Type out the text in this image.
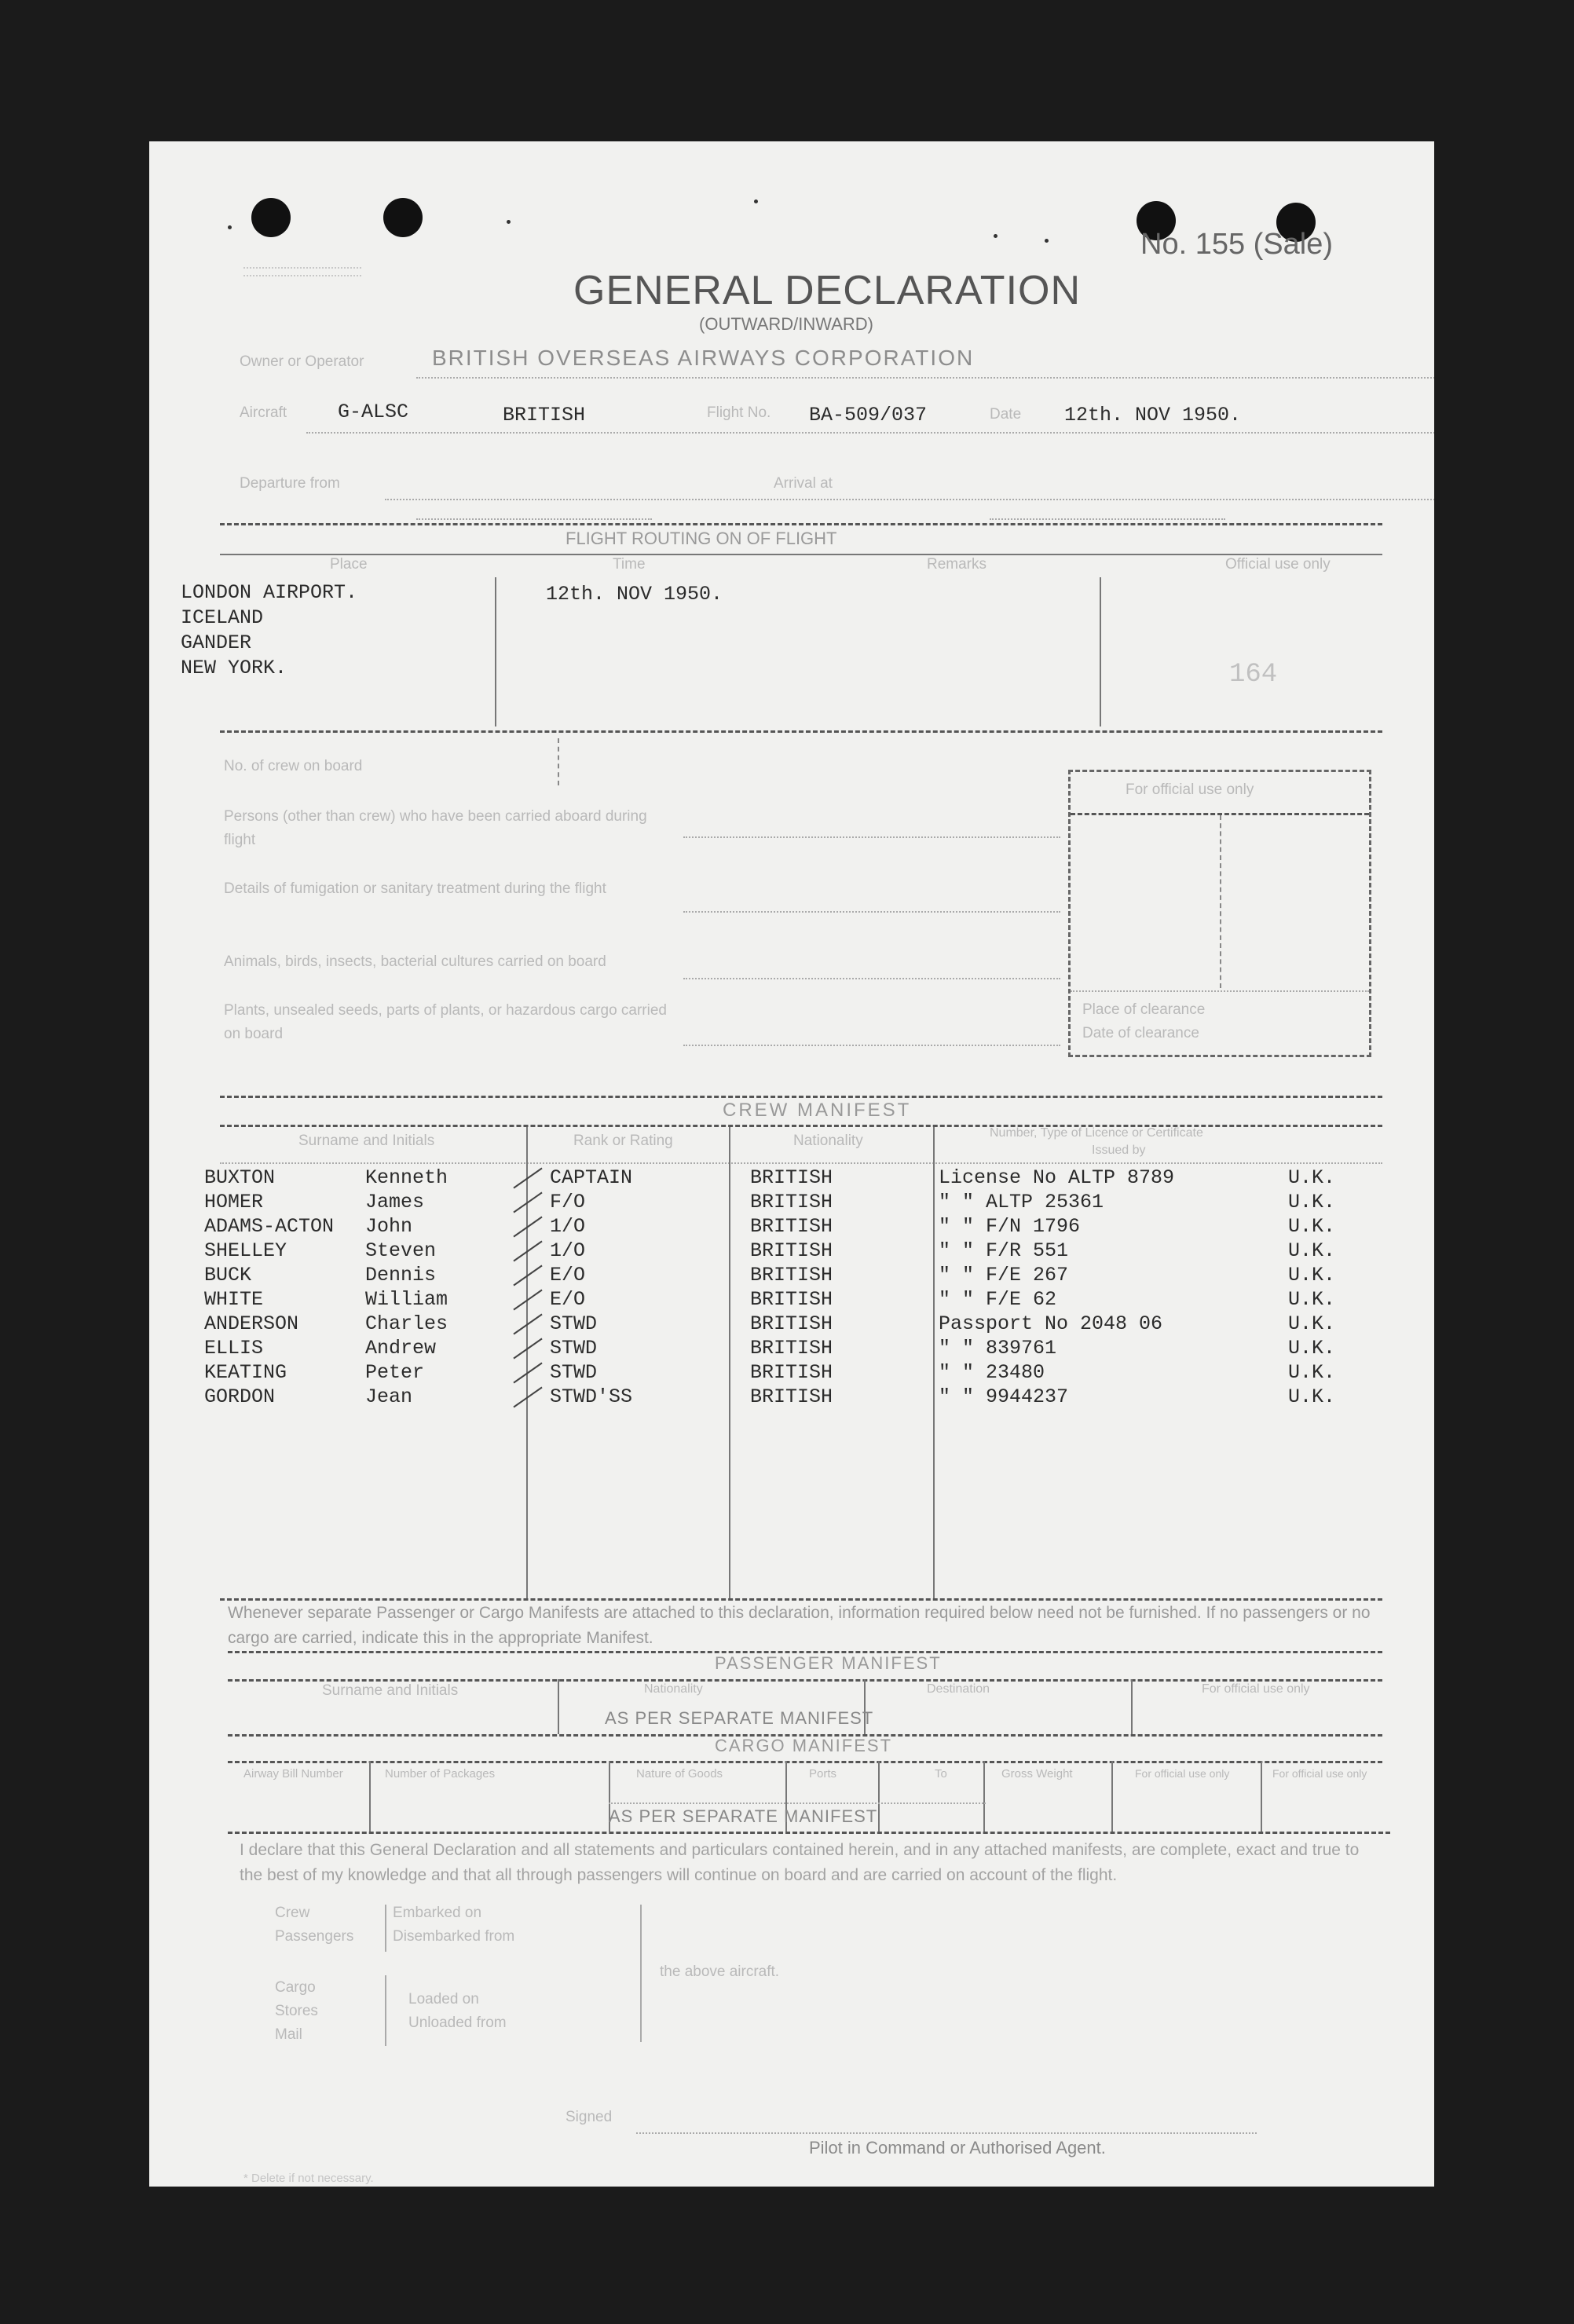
No. 155 (Sale)
GENERAL DECLARATION
(OUTWARD/INWARD)
Owner or Operator	BRITISH OVERSEAS AIRWAYS CORPORATION
Aircraft	G-ALSC	BRITISH	Flight No. BA-509/037	Date 12th. NOV 1950.
Departure from	Arrival at
FLIGHT ROUTING ON OF FLIGHT
Place	Time	Remarks	Official use only
LONDON AIRPORT.
ICELAND
GANDER
NEW YORK.
12th. NOV 1950.
164
No. of crew on board
Persons (other than crew) who have been carried aboard during flight
Details of fumigation or sanitary treatment during the flight
Animals, birds, insects, bacterial cultures carried on board
Plants, unsealed seeds, parts of plants, or hazardous cargo carried on board
For official use only
Place of clearance
Date of clearance
CREW MANIFEST
Surname and Initials	Rank or Rating	Nationality	Number, Type of Licence or Certificate
Issued by
BUXTON	Kenneth	CAPTAIN	BRITISH	License No ALTP 8789	U.K.
HOMER	James	F/O	BRITISH	" " ALTP 25361	U.K.
ADAMS-ACTON John	1/O	BRITISH	" " F/N 1796	U.K.
SHELLEY	Steven	1/O	BRITISH	" " F/R 551	U.K.
BUCK	Dennis	E/O	BRITISH	" " F/E 267	U.K.
WHITE	William	E/O	BRITISH	" " F/E 62	U.K.
ANDERSON	Charles	STWD	BRITISH	Passport No 2048 06	U.K.
ELLIS	Andrew	STWD	BRITISH	" " 839761	U.K.
KEATING	Peter	STWD	BRITISH	" " 23480	U.K.
GORDON	Jean	STWD'SS	BRITISH	" " 9944237	U.K.
Whenever separate Passenger or Cargo Manifests are attached to this declaration, information required below need not be furnished. If no passengers or no cargo are carried, indicate this in the appropriate Manifest.
PASSENGER MANIFEST
Surname and Initials	Nationality	Destination	For official use only
AS PER SEPARATE MANIFEST
CARGO MANIFEST
Airway Bill Number	Number of Packages	Nature of Goods	Ports	To	Gross Weight	For official use only	For official use only
AS PER SEPARATE MANIFEST
I declare that this General Declaration and all statements and particulars contained herein, and in any attached manifests, are complete, exact and true to the best of my knowledge and that all through passengers will continue on board and are carried on account of the flight.
Crew
Passengers
Embarked on
Disembarked from
Cargo
Stores
Mail
Loaded on
Unloaded from
the above aircraft.
Signed
Pilot in Command or Authorised Agent.
* Delete if not necessary.
